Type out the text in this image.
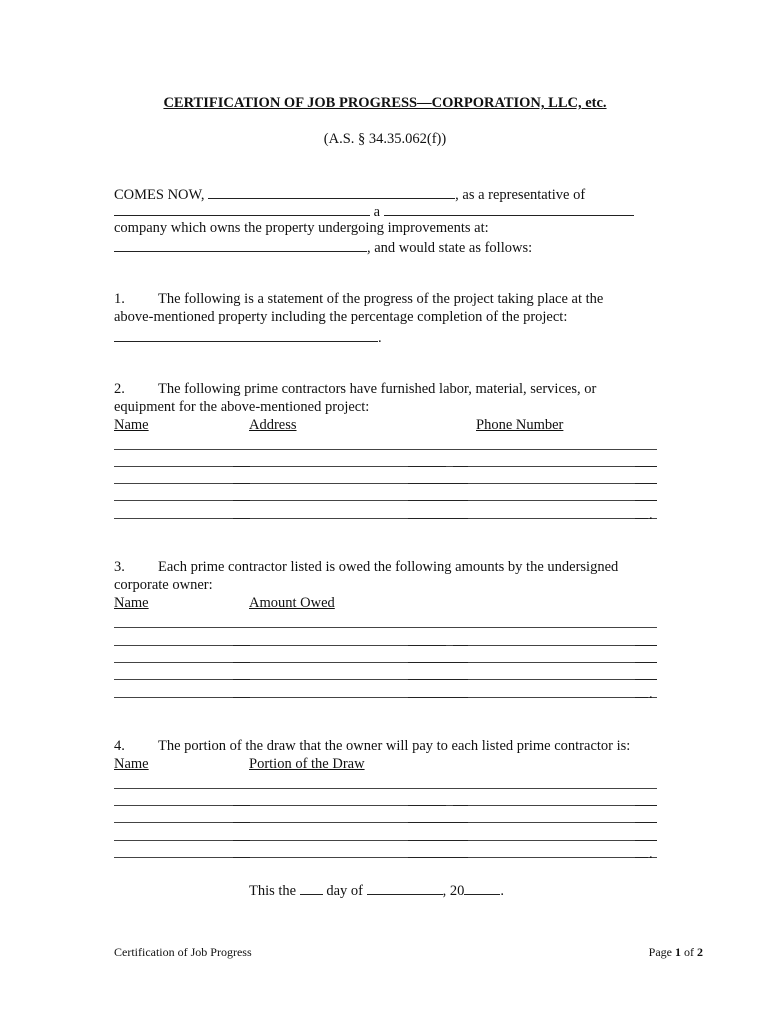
CERTIFICATION OF JOB PROGRESS—CORPORATION, LLC, etc.
(A.S. § 34.35.062(f))
COMES NOW,	, as a representative of
a
company which owns the property undergoing improvements at:
, and would state as follows:
1. The following is a statement of the progress of the project taking place at the
above-mentioned property including the percentage completion of the project:
.
2. The following prime contractors have furnished labor, material, services, or
equipment for the above-mentioned project:
Name	Address	Phone Number
.
3. Each prime contractor listed is owed the following amounts by the undersigned
corporate owner:
Name	Amount Owed
.
4. The portion of the draw that the owner will pay to each listed prime contractor is:
Name	Portion of the Draw
.
This the day of	, 20 .
Certification of Job Progress	Page 1 of 2
